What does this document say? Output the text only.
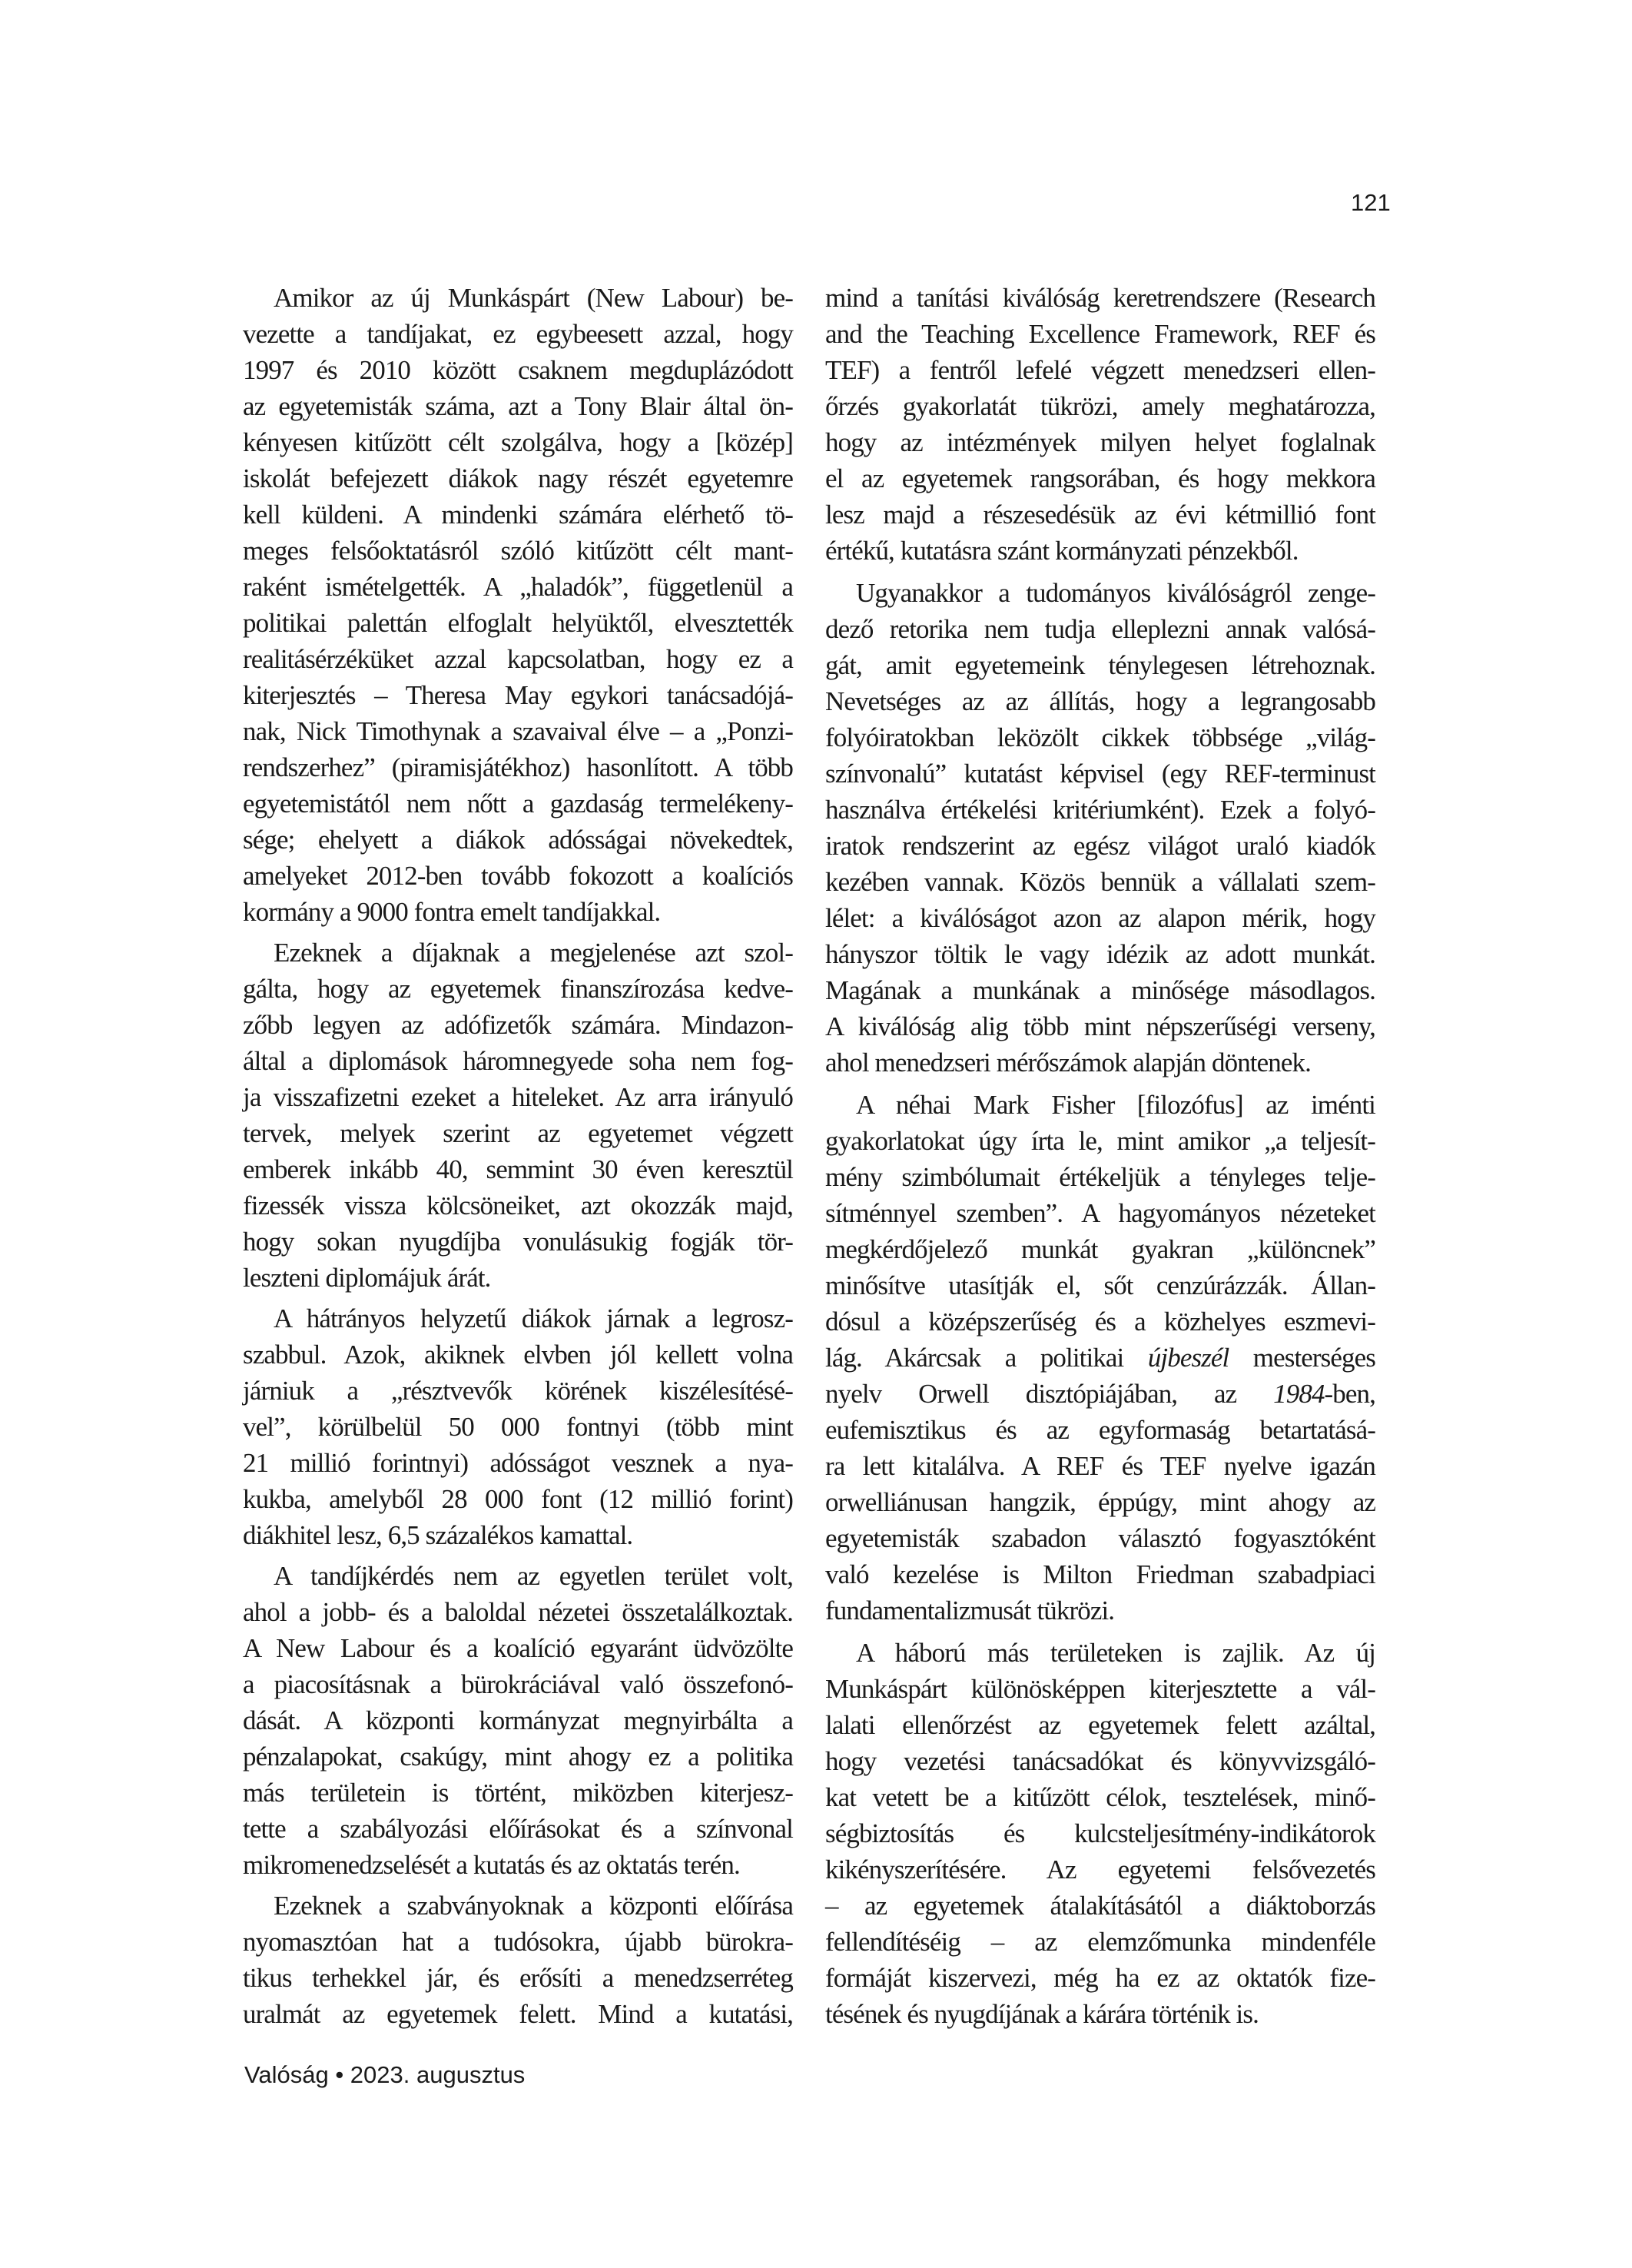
121
Amikor az új Munkáspárt (New Labour) be-
vezette a tandíjakat, ez egybeesett azzal, hogy
1997 és 2010 között csaknem megduplázódott
az egyetemisták száma, azt a Tony Blair által ön-
kényesen kitűzött célt szolgálva, hogy a [közép]
iskolát befejezett diákok nagy részét egyetemre
kell küldeni. A mindenki számára elérhető tö-
meges felsőoktatásról szóló kitűzött célt mant-
raként ismételgették. A „haladók”, függetlenül a
politikai palettán elfoglalt helyüktől, elvesztették
realitásérzéküket azzal kapcsolatban, hogy ez a
kiterjesztés – Theresa May egykori tanácsadójá-
nak, Nick Timothynak a szavaival élve – a „Ponzi-
rendszerhez” (piramisjátékhoz) hasonlított. A több
egyetemistától nem nőtt a gazdaság termelékeny-
sége; ehelyett a diákok adósságai növekedtek,
amelyeket 2012-ben tovább fokozott a koalíciós
kormány a 9000 fontra emelt tandíjakkal.
Ezeknek a díjaknak a megjelenése azt szol-
gálta, hogy az egyetemek finanszírozása kedve-
zőbb legyen az adófizetők számára. Mindazon-
által a diplomások háromnegyede soha nem fog-
ja visszafizetni ezeket a hiteleket. Az arra irányuló
tervek, melyek szerint az egyetemet végzett
emberek inkább 40, semmint 30 éven keresztül
fizessék vissza kölcsöneiket, azt okozzák majd,
hogy sokan nyugdíjba vonulásukig fogják tör-
leszteni diplomájuk árát.
A hátrányos helyzetű diákok járnak a legrosz-
szabbul. Azok, akiknek elvben jól kellett volna
járniuk a „résztvevők körének kiszélesítésé-
vel”, körülbelül 50 000 fontnyi (több mint
21 millió forintnyi) adósságot vesznek a nya-
kukba, amelyből 28 000 font (12 millió forint)
diákhitel lesz, 6,5 százalékos kamattal.
A tandíjkérdés nem az egyetlen terület volt,
ahol a jobb- és a baloldal nézetei összetalálkoztak.
A New Labour és a koalíció egyaránt üdvözölte
a piacosításnak a bürokráciával való összefonó-
dását. A központi kormányzat megnyirbálta a
pénzalapokat, csakúgy, mint ahogy ez a politika
más területein is történt, miközben kiterjesz-
tette a szabályozási előírásokat és a színvonal
mikromenedzselését a kutatás és az oktatás terén.
Ezeknek a szabványoknak a központi előírása
nyomasztóan hat a tudósokra, újabb bürokra-
tikus terhekkel jár, és erősíti a menedzserréteg
uralmát az egyetemek felett. Mind a kutatási,
mind a tanítási kiválóság keretrendszere (Research
and the Teaching Excellence Framework, REF és
TEF) a fentről lefelé végzett menedzseri ellen-
őrzés gyakorlatát tükrözi, amely meghatározza,
hogy az intézmények milyen helyet foglalnak
el az egyetemek rangsorában, és hogy mekkora
lesz majd a részesedésük az évi kétmillió font
értékű, kutatásra szánt kormányzati pénzekből.
Ugyanakkor a tudományos kiválóságról zenge-
dező retorika nem tudja elleplezni annak valósá-
gát, amit egyetemeink ténylegesen létrehoznak.
Nevetséges az az állítás, hogy a legrangosabb
folyóiratokban leközölt cikkek többsége „világ-
színvonalú” kutatást képvisel (egy REF-terminust
használva értékelési kritériumként). Ezek a folyó-
iratok rendszerint az egész világot uraló kiadók
kezében vannak. Közös bennük a vállalati szem-
lélet: a kiválóságot azon az alapon mérik, hogy
hányszor töltik le vagy idézik az adott munkát.
Magának a munkának a minősége másodlagos.
A kiválóság alig több mint népszerűségi verseny,
ahol menedzseri mérőszámok alapján döntenek.
A néhai Mark Fisher [filozófus] az iménti
gyakorlatokat úgy írta le, mint amikor „a teljesít-
mény szimbólumait értékeljük a tényleges telje-
sítménnyel szemben”. A hagyományos nézeteket
megkérdőjelező munkát gyakran „különcnek”
minősítve utasítják el, sőt cenzúrázzák. Állan-
dósul a középszerűség és a közhelyes eszmevi-
lág. Akárcsak a politikai újbeszél mesterséges
nyelv Orwell disztópiájában, az 1984-ben,
eufemisztikus és az egyformaság betartatásá-
ra lett kitalálva. A REF és TEF nyelve igazán
orwelliánusan hangzik, éppúgy, mint ahogy az
egyetemisták szabadon választó fogyasztóként
való kezelése is Milton Friedman szabadpiaci
fundamentalizmusát tükrözi.
A háború más területeken is zajlik. Az új
Munkáspárt különösképpen kiterjesztette a vál-
lalati ellenőrzést az egyetemek felett azáltal,
hogy vezetési tanácsadókat és könyvvizsgáló-
kat vetett be a kitűzött célok, tesztelések, minő-
ségbiztosítás és kulcsteljesítmény-indikátorok
kikényszerítésére. Az egyetemi felsővezetés
– az egyetemek átalakításától a diáktoborzás
fellendítéséig – az elemzőmunka mindenféle
formáját kiszervezi, még ha ez az oktatók fize-
tésének és nyugdíjának a kárára történik is.
Valóság • 2023. augusztus
